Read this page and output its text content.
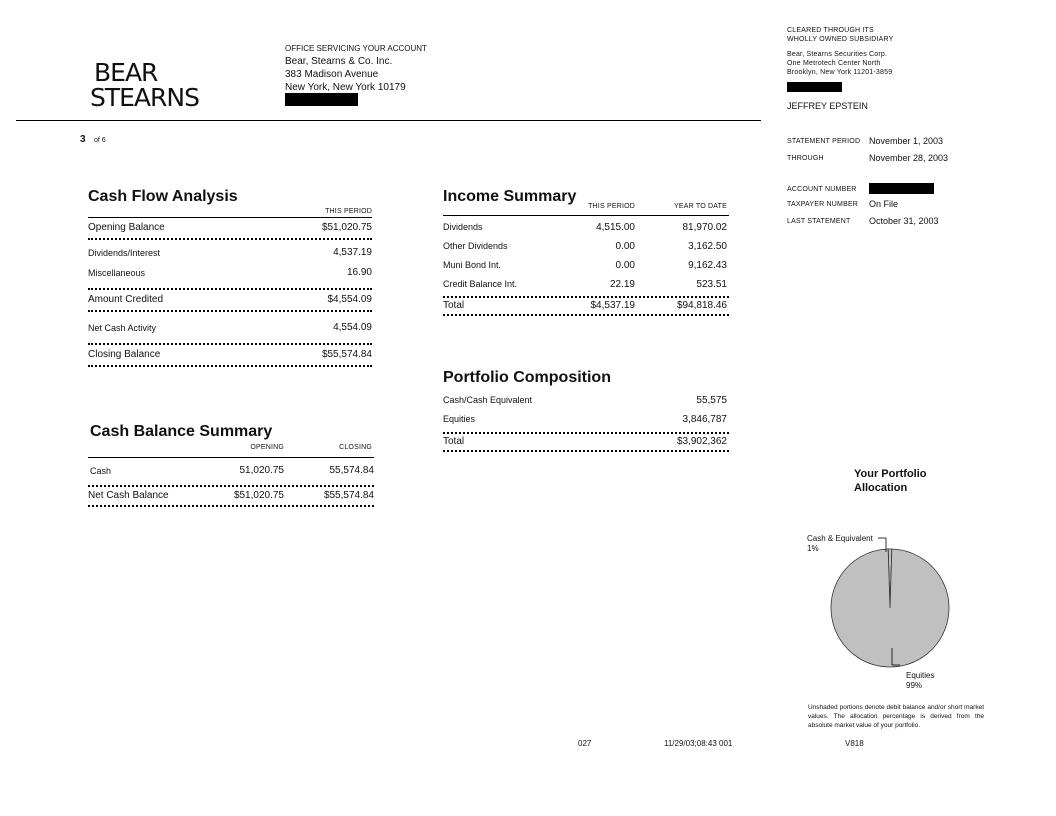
BEAR
STEARNS
OFFICE SERVICING YOUR ACCOUNT
Bear, Stearns & Co. Inc.
383 Madison Avenue
New York, New York 10179
CLEARED THROUGH ITS
WHOLLY OWNED SUBSIDIARY
Bear, Stearns Securities Corp.
One Metrotech Center North
Brooklyn, New York 11201-3859
JEFFREY EPSTEIN
3 of 6	STATEMENT PERIOD November 1, 2003
THROUGH	November 28, 2003
ACCOUNT NUMBER
TAXPAYER NUMBER On File
LAST STATEMENT October 31, 2003
Cash Flow Analysis
THIS PERIOD
Opening Balance	$51,020.75
Dividends/Interest	4,537.19
Miscellaneous	16.90
Amount Credited	$4,554.09
Net Cash Activity	4,554.09
Closing Balance	$55,574.84
Cash Balance Summary
OPENING	CLOSING
Cash	51,020.75	55,574.84
Net Cash Balance	$51,020.75	$55,574.84
Income Summary
THIS PERIOD	YEAR TO DATE
Dividends	4,515.00	81,970.02
Other Dividends	0.00	3,162.50
Muni Bond Int.	0.00	9,162.43
Credit Balance Int.	22.19	523.51
Total	$4,537.19	$94,818.46
Portfolio Composition
Cash/Cash Equivalent	55,575
Equities	3,846,787
Total	$3,902,362
Your Portfolio
Allocation
Cash & Equivalent
1%
Equities
99%
Unshaded portions denote debit balance and/or short market values. The allocation percentage is derived from the absolute market value of your portfolio.
027	11/29/03;08:43 001	V818
